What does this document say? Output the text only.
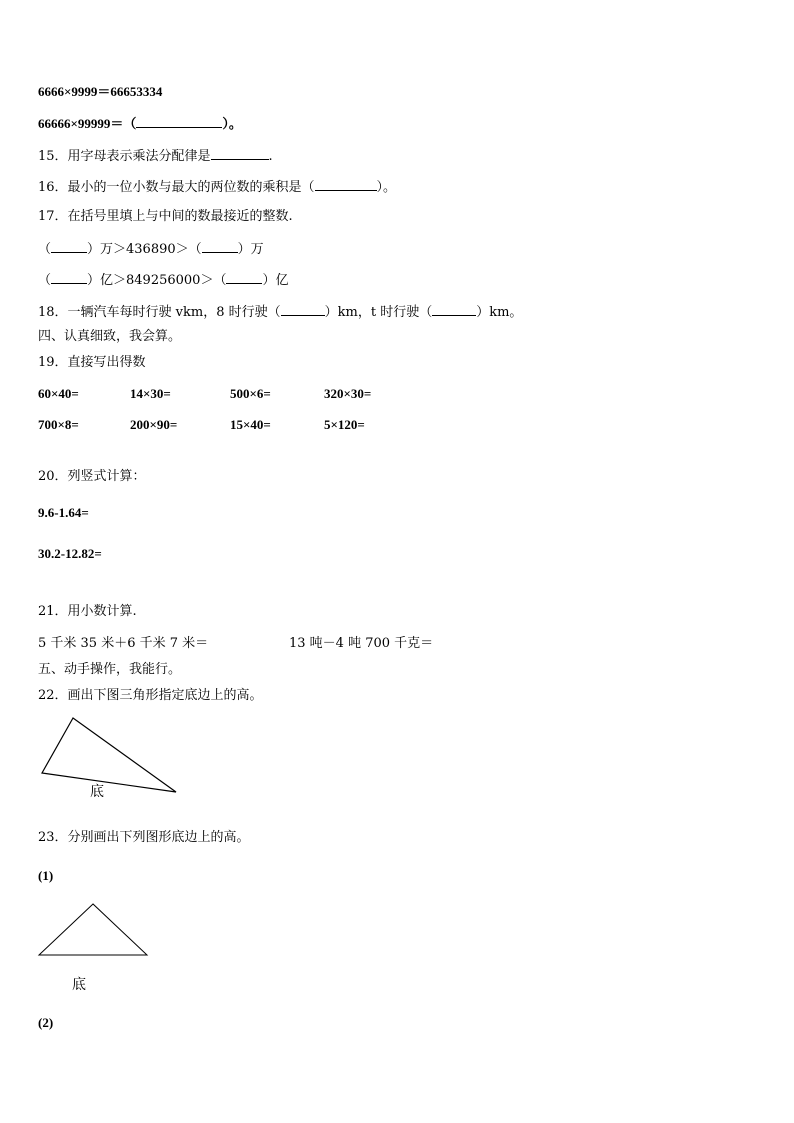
6666×9999＝66653334
66666×99999＝（	）。
15．用字母表示乘法分配律是	.
16．最小的一位小数与最大的两位数的乘积是（	）。
17．在括号里填上与中间的数最接近的整数.
（	）万＞436890＞（	）万
（	）亿＞849256000＞（	）亿
18．一辆汽车每时行驶 vkm，8 时行驶（	）km，t 时行驶（	）km。
四、认真细致，我会算。
19．直接写出得数
60×40=	14×30=	500×6=	320×30=
700×8=	200×90=	15×40=	5×120=
20．列竖式计算：
9.6-1.64=
30.2-12.82=
21．用小数计算.
5 千米 35 米＋6 千米 7 米＝	13 吨－4 吨 700 千克＝
五、动手操作，我能行。
22．画出下图三角形指定底边上的高。
底
23．分别画出下列图形底边上的高。
(1)
底
(2)
